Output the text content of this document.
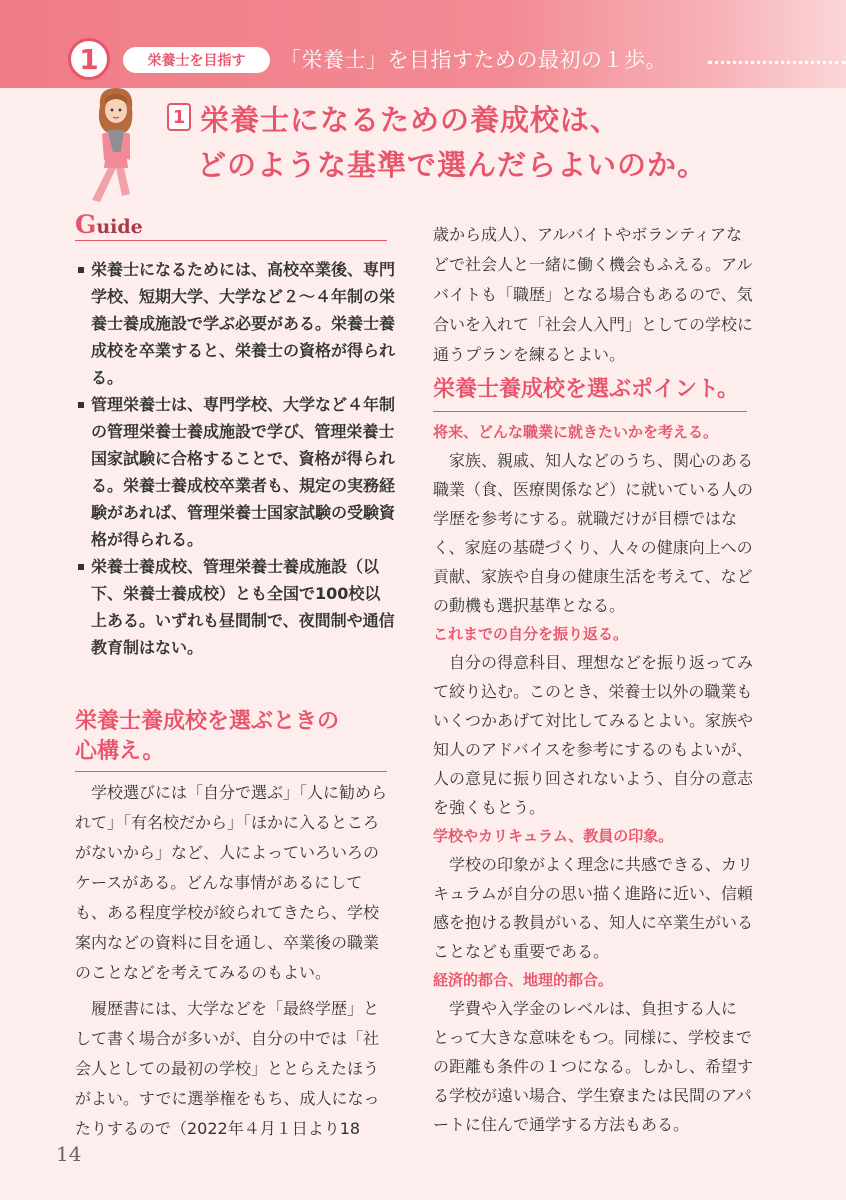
1	栄養士を目指す	「栄養士」を目指すための最初の１歩。
1 栄養士になるための養成校は、
どのような基準で選んだらよいのか。
Guide
栄養士になるためには、高校卒業後、専門学校、短期大学、大学など２～４年制の栄養士養成施設で学ぶ必要がある。栄養士養成校を卒業すると、栄養士の資格が得られる。
管理栄養士は、専門学校、大学など４年制の管理栄養士養成施設で学び、管理栄養士国家試験に合格することで、資格が得られる。栄養士養成校卒業者も、規定の実務経験があれば、管理栄養士国家試験の受験資格が得られる。
栄養士養成校、管理栄養士養成施設（以下、栄養士養成校）とも全国で100校以上ある。いずれも昼間制で、夜間制や通信教育制はない。
栄養士養成校を選ぶときの
心構え。
学校選びには「自分で選ぶ」「人に勧められて」「有名校だから」「ほかに入るところがないから」など、人によっていろいろのケースがある。どんな事情があるにしても、ある程度学校が絞られてきたら、学校案内などの資料に目を通し、卒業後の職業のことなどを考えてみるのもよい。
履歴書には、大学などを「最終学歴」として書く場合が多いが、自分の中では「社会人としての最初の学校」ととらえたほうがよい。すでに選挙権をもち、成人になったりするので（2022年４月１日より18
歳から成人）、アルバイトやボランティアなどで社会人と一緒に働く機会もふえる。アルバイトも「職歴」となる場合もあるので、気合いを入れて「社会人入門」としての学校に通うプランを練るとよい。
栄養士養成校を選ぶポイント。
将来、どんな職業に就きたいかを考える。
家族、親戚、知人などのうち、関心のある職業（食、医療関係など）に就いている人の学歴を参考にする。就職だけが目標ではなく、家庭の基礎づくり、人々の健康向上への貢献、家族や自身の健康生活を考えて、などの動機も選択基準となる。
これまでの自分を振り返る。
自分の得意科目、理想などを振り返ってみて絞り込む。このとき、栄養士以外の職業もいくつかあげて対比してみるとよい。家族や知人のアドバイスを参考にするのもよいが、人の意見に振り回されないよう、自分の意志を強くもとう。
学校やカリキュラム、教員の印象。
学校の印象がよく理念に共感できる、カリキュラムが自分の思い描く進路に近い、信頼感を抱ける教員がいる、知人に卒業生がいることなども重要である。
経済的都合、地理的都合。
学費や入学金のレベルは、負担する人にとって大きな意味をもつ。同様に、学校までの距離も条件の１つになる。しかし、希望する学校が遠い場合、学生寮または民間のアパートに住んで通学する方法もある。
14
